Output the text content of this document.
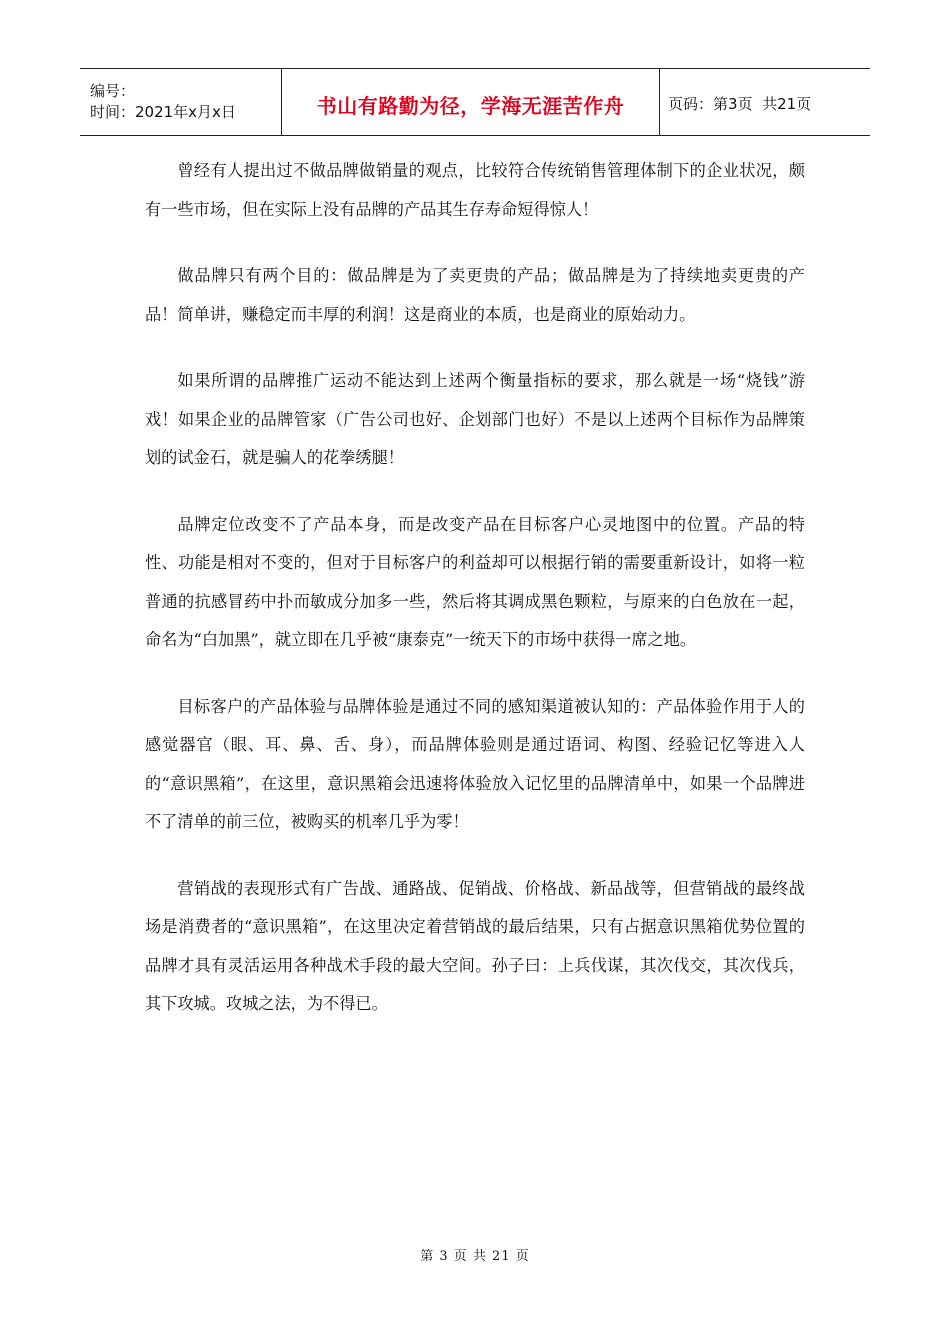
编号：
时间：2021年x月x日	书山有路勤为径，学海无涯苦作舟	页码：第3页  共21页

曾经有人提出过不做品牌做销量的观点，比较符合传统销售管理体制下的企业状况，颇有一些市场，但在实际上没有品牌的产品其生存寿命短得惊人！

做品牌只有两个目的：做品牌是为了卖更贵的产品；做品牌是为了持续地卖更贵的产品！简单讲，赚稳定而丰厚的利润！这是商业的本质，也是商业的原始动力。

如果所谓的品牌推广运动不能达到上述两个衡量指标的要求，那么就是一场“烧钱”游戏！如果企业的品牌管家（广告公司也好、企划部门也好）不是以上述两个目标作为品牌策划的试金石，就是骗人的花拳绣腿！

品牌定位改变不了产品本身，而是改变产品在目标客户心灵地图中的位置。产品的特性、功能是相对不变的，但对于目标客户的利益却可以根据行销的需要重新设计，如将一粒普通的抗感冒药中扑而敏成分加多一些，然后将其调成黑色颗粒，与原来的白色放在一起，命名为“白加黑”，就立即在几乎被“康泰克”一统天下的市场中获得一席之地。

目标客户的产品体验与品牌体验是通过不同的感知渠道被认知的：产品体验作用于人的感觉器官（眼、耳、鼻、舌、身），而品牌体验则是通过语词、构图、经验记忆等进入人的“意识黑箱”，在这里，意识黑箱会迅速将体验放入记忆里的品牌清单中，如果一个品牌进不了清单的前三位，被购买的机率几乎为零！

营销战的表现形式有广告战、通路战、促销战、价格战、新品战等，但营销战的最终战场是消费者的“意识黑箱”，在这里决定着营销战的最后结果，只有占据意识黑箱优势位置的品牌才具有灵活运用各种战术手段的最大空间。孙子曰：上兵伐谋，其次伐交，其次伐兵，其下攻城。攻城之法，为不得已。

第 3 页 共 21 页
